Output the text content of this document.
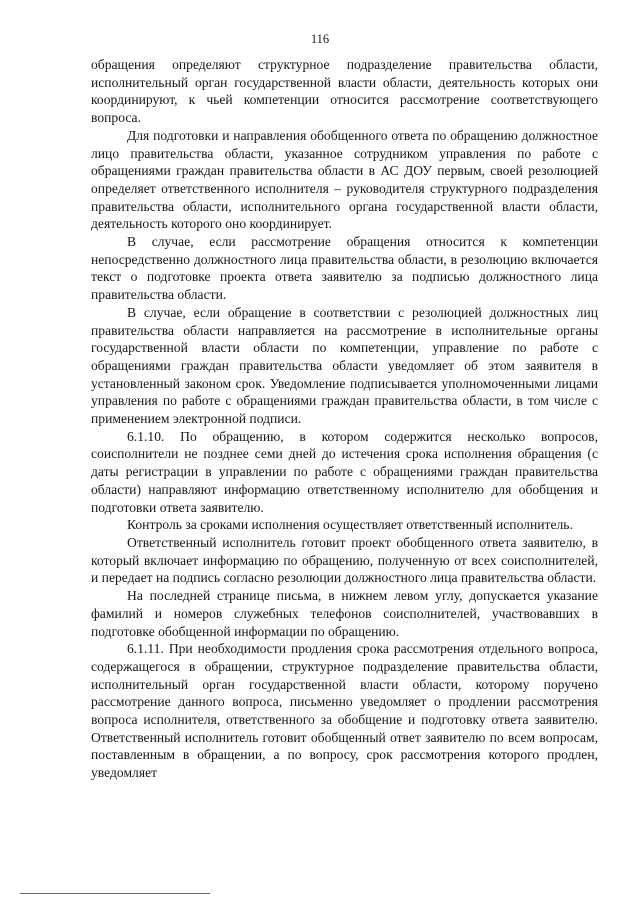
116

обращения определяют структурное подразделение правительства области, исполнительный орган государственной власти области, деятельность которых они координируют, к чьей компетенции относится рассмотрение соответствующего вопроса.

Для подготовки и направления обобщенного ответа по обращению должностное лицо правительства области, указанное сотрудником управления по работе с обращениями граждан правительства области в АС ДОУ первым, своей резолюцией определяет ответственного исполнителя – руководителя структурного подразделения правительства области, исполнительного органа государственной власти области, деятельность которого оно координирует.

В случае, если рассмотрение обращения относится к компетенции непосредственно должностного лица правительства области, в резолюцию включается текст о подготовке проекта ответа заявителю за подписью должностного лица правительства области.

В случае, если обращение в соответствии с резолюцией должностных лиц правительства области направляется на рассмотрение в исполнительные органы государственной власти области по компетенции, управление по работе с обращениями граждан правительства области уведомляет об этом заявителя в установленный законом срок. Уведомление подписывается уполномоченными лицами управления по работе с обращениями граждан правительства области, в том числе с применением электронной подписи.

6.1.10. По обращению, в котором содержится несколько вопросов, соисполнители не позднее семи дней до истечения срока исполнения обращения (с даты регистрации в управлении по работе с обращениями граждан правительства области) направляют информацию ответственному исполнителю для обобщения и подготовки ответа заявителю.

Контроль за сроками исполнения осуществляет ответственный исполнитель.

Ответственный исполнитель готовит проект обобщенного ответа заявителю, в который включает информацию по обращению, полученную от всех соисполнителей, и передает на подпись согласно резолюции должностного лица правительства области.

На последней странице письма, в нижнем левом углу, допускается указание фамилий и номеров служебных телефонов соисполнителей, участвовавших в подготовке обобщенной информации по обращению.

6.1.11. При необходимости продления срока рассмотрения отдельного вопроса, содержащегося в обращении, структурное подразделение правительства области, исполнительный орган государственной власти области, которому поручено рассмотрение данного вопроса, письменно уведомляет о продлении рассмотрения вопроса исполнителя, ответственного за обобщение и подготовку ответа заявителю. Ответственный исполнитель готовит обобщенный ответ заявителю по всем вопросам, поставленным в обращении, а по вопросу, срок рассмотрения которого продлен, уведомляет
